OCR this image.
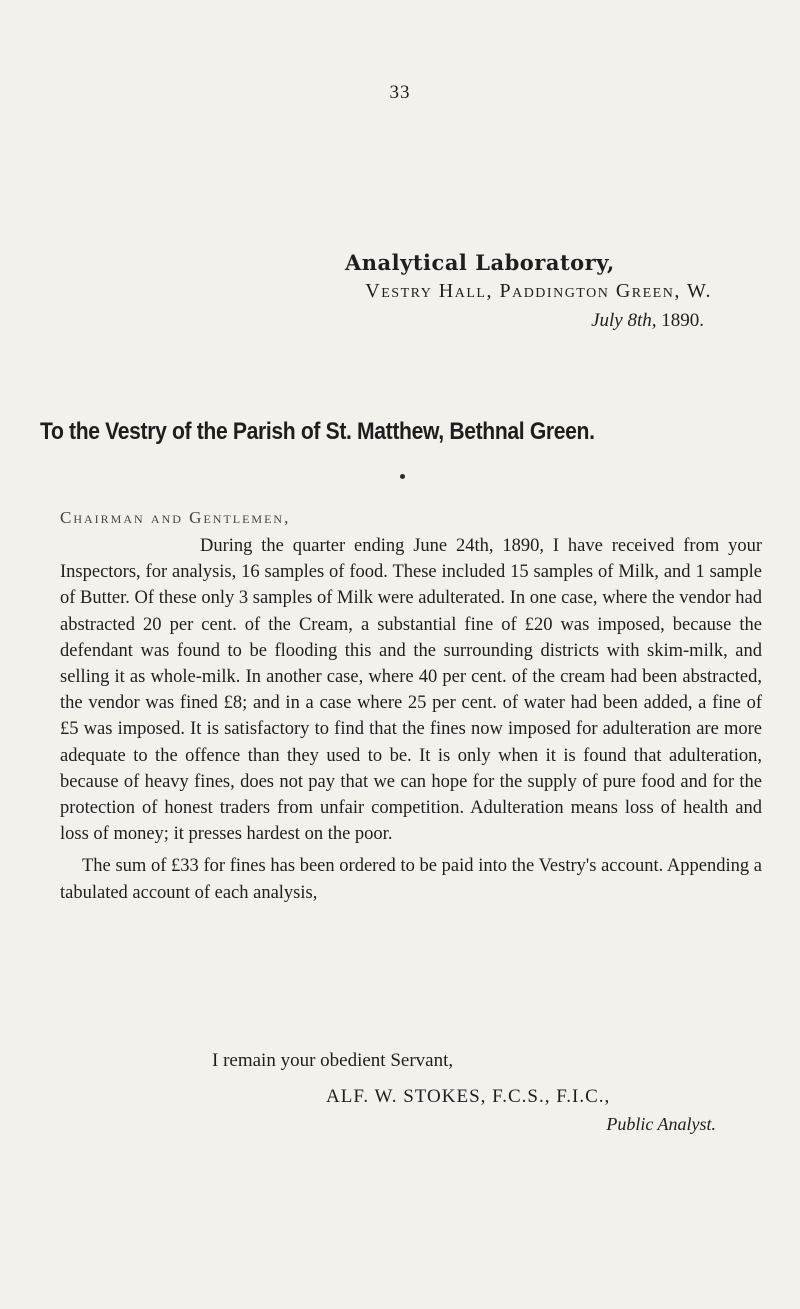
33
Analytical Laboratory,
Vestry Hall, Paddington Green, W.
July 8th, 1890.
To the Vestry of the Parish of St. Matthew, Bethnal Green.
Chairman and Gentlemen,

During the quarter ending June 24th, 1890, I have received from your Inspectors, for analysis, 16 samples of food. These included 15 samples of Milk, and 1 sample of Butter. Of these only 3 samples of Milk were adulterated. In one case, where the vendor had abstracted 20 per cent. of the Cream, a substantial fine of £20 was imposed, because the defendant was found to be flooding this and the surrounding districts with skim-milk, and selling it as whole-milk. In another case, where 40 per cent. of the cream had been abstracted, the vendor was fined £8; and in a case where 25 per cent. of water had been added, a fine of £5 was imposed. It is satisfactory to find that the fines now imposed for adulteration are more adequate to the offence than they used to be. It is only when it is found that adulteration, because of heavy fines, does not pay that we can hope for the supply of pure food and for the protection of honest traders from unfair competition. Adulteration means loss of health and loss of money; it presses hardest on the poor.

The sum of £33 for fines has been ordered to be paid into the Vestry's account. Appending a tabulated account of each analysis,

I remain your obedient Servant,
ALF. W. STOKES, F.C.S., F.I.C.,
Public Analyst.
